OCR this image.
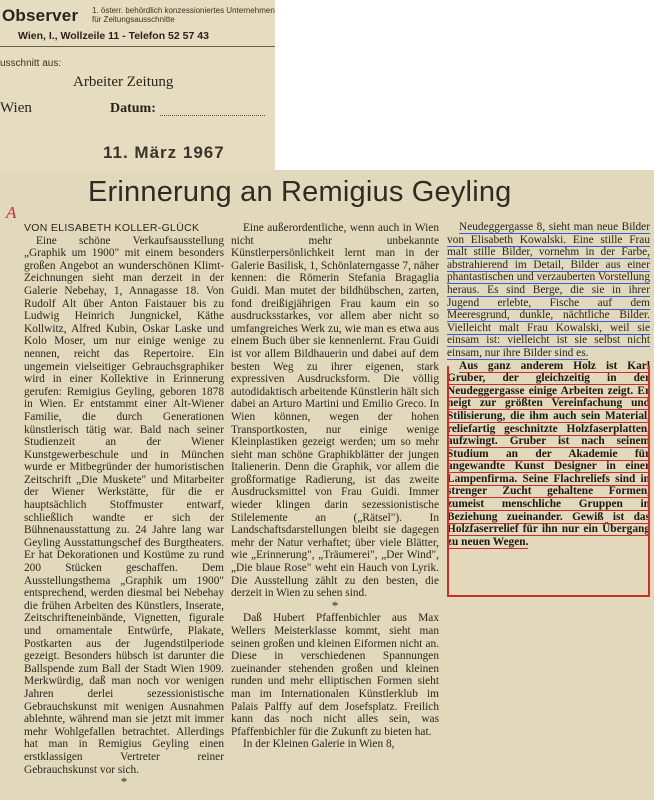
Observer 1. österr. behördlich konzessioniertes Unternehmen für Zeitungsausschnitte
Wien, I., Wollzeile 11 - Telefon 52 57 43
usschnitt aus:
Arbeiter Zeitung
Wien	Datum:
11. März 1967
Erinnerung an Remigius Geyling
A

VON ELISABETH KOLLER-GLÜCK

Eine schöne Verkaufsausstellung „Graphik um 1900" mit einem besonders großen Angebot an wunderschönen Klimt-Zeichnungen sieht man derzeit in der Galerie Nebehay, 1, Annagasse 18. Von Rudolf Alt über Anton Faistauer bis zu Ludwig Heinrich Jungnickel, Käthe Kollwitz, Alfred Kubin, Oskar Laske und Kolo Moser, um nur einige wenige zu nennen, reicht das Repertoire. Ein ungemein vielseitiger Gebrauchsgraphiker wird in einer Kollektive in Erinnerung gerufen: Remigius Geyling, geboren 1878 in Wien. Er entstammt einer Alt-Wiener Familie, die durch Generationen künstlerisch tätig war. Bald nach seiner Studienzeit an der Wiener Kunstgewerbeschule und in München wurde er Mitbegründer der humoristischen Zeitschrift „Die Muskete" und Mitarbeiter der Wiener Werkstätte, für die er hauptsächlich Stoffmuster entwarf, schließlich wandte er sich der Bühnenausstattung zu. 24 Jahre lang war Geyling Ausstattungschef des Burgtheaters. Er hat Dekorationen und Kostüme zu rund 200 Stücken geschaffen. Dem Ausstellungsthema „Graphik um 1900" entsprechend, werden diesmal bei Nebehay die frühen Arbeiten des Künstlers, Inserate, Zeitschrifteneinbände, Vignetten, figurale und ornamentale Entwürfe, Plakate, Postkarten aus der Jugendstilperiode gezeigt. Besonders hübsch ist darunter die Ballspende zum Ball der Stadt Wien 1909. Merkwürdig, daß man noch vor wenigen Jahren derlei sezessionistische Gebrauchskunst mit wenigen Ausnahmen ablehnte, während man sie jetzt mit immer mehr Wohlgefallen betrachtet. Allerdings hat man in Remigius Geyling einen erstklassigen Vertreter reiner Gebrauchskunst vor sich.

*

Eine außerordentliche, wenn auch in Wien nicht mehr unbekannte Künstlerpersönlichkeit lernt man in der Galerie Basilisk, 1, Schönlaterngasse 7, näher kennen: die Römerin Stefania Bragaglia Guidi. Man mutet der bildhübschen, zarten, fond dreißigjährigen Frau kaum ein so ausdrucksstarkes, vor allem aber nicht so umfangreiches Werk zu, wie man es etwa aus einem Buch über sie kennenlernt. Frau Guidi ist vor allem Bildhauerin und dabei auf dem besten Weg zu ihrer eigenen, stark expressiven Ausdrucksform. Die völlig autodidaktisch arbeitende Künstlerin hält sich dabei an Arturo Martini und Emilio Greco. In Wien können, wegen der hohen Transportkosten, nur einige wenige Kleinplastiken gezeigt werden; um so mehr sieht man schöne Graphikblätter der jungen Italienerin. Denn die Graphik, vor allem die großformatige Radierung, ist das zweite Ausdrucksmittel von Frau Guidi. Immer wieder klingen darin sezessionistische Stilelemente an („Rätsel"). In Landschaftsdarstellungen bleibt sie dagegen mehr der Natur verhaftet; über viele Blätter, wie „Erinnerung", „Träumerei", „Der Wind", „Die blaue Rose" weht ein Hauch von Lyrik. Die Ausstellung zählt zu den besten, die derzeit in Wien zu sehen sind.

*

Daß Hubert Pfaffenbichler aus Max Wellers Meisterklasse kommt, sieht man seinen großen und kleinen Eiformen nicht an. Diese in verschiedenen Spannungen zueinander stehenden großen und kleinen runden und mehr elliptischen Formen sieht man im Internationalen Künstlerklub im Palais Palffy auf dem Josefsplatz. Freilich kann das noch nicht alles sein, was Pfaffenbichler für die Zukunft zu bieten hat.

In der Kleinen Galerie in Wien 8,

Neudeggergasse 8, sieht man neue Bilder von Elisabeth Kowalski. Eine stille Frau malt stille Bilder, vornehm in der Farbe, abstrahierend im Detail, Bilder aus einer phantastischen und verzauberten Vorstellung heraus. Es sind Berge, die sie in ihrer Jugend erlebte, Fische auf dem Meeresgrund, dunkle, nächtliche Bilder. Vielleicht malt Frau Kowalski, weil sie einsam ist: vielleicht ist sie selbst nicht einsam, nur ihre Bilder sind es.

Aus ganz anderem Holz ist Karl Gruber, der gleichzeitig in der Neudeggergasse einige Arbeiten zeigt. Er neigt zur größten Vereinfachung und Stilisierung, die ihm auch sein Material, reliefartig geschnitzte Holzfaserplatten, aufzwingt. Gruber ist nach seinem Studium an der Akademie für angewandte Kunst Designer in einer Lampenfirma. Seine Flachreliefs sind in strenger Zucht gehaltene Formen, zumeist menschliche Gruppen in Beziehung zueinander. Gewiß ist das Holzfaserrelief für ihn nur ein Übergang zu neuen Wegen.
